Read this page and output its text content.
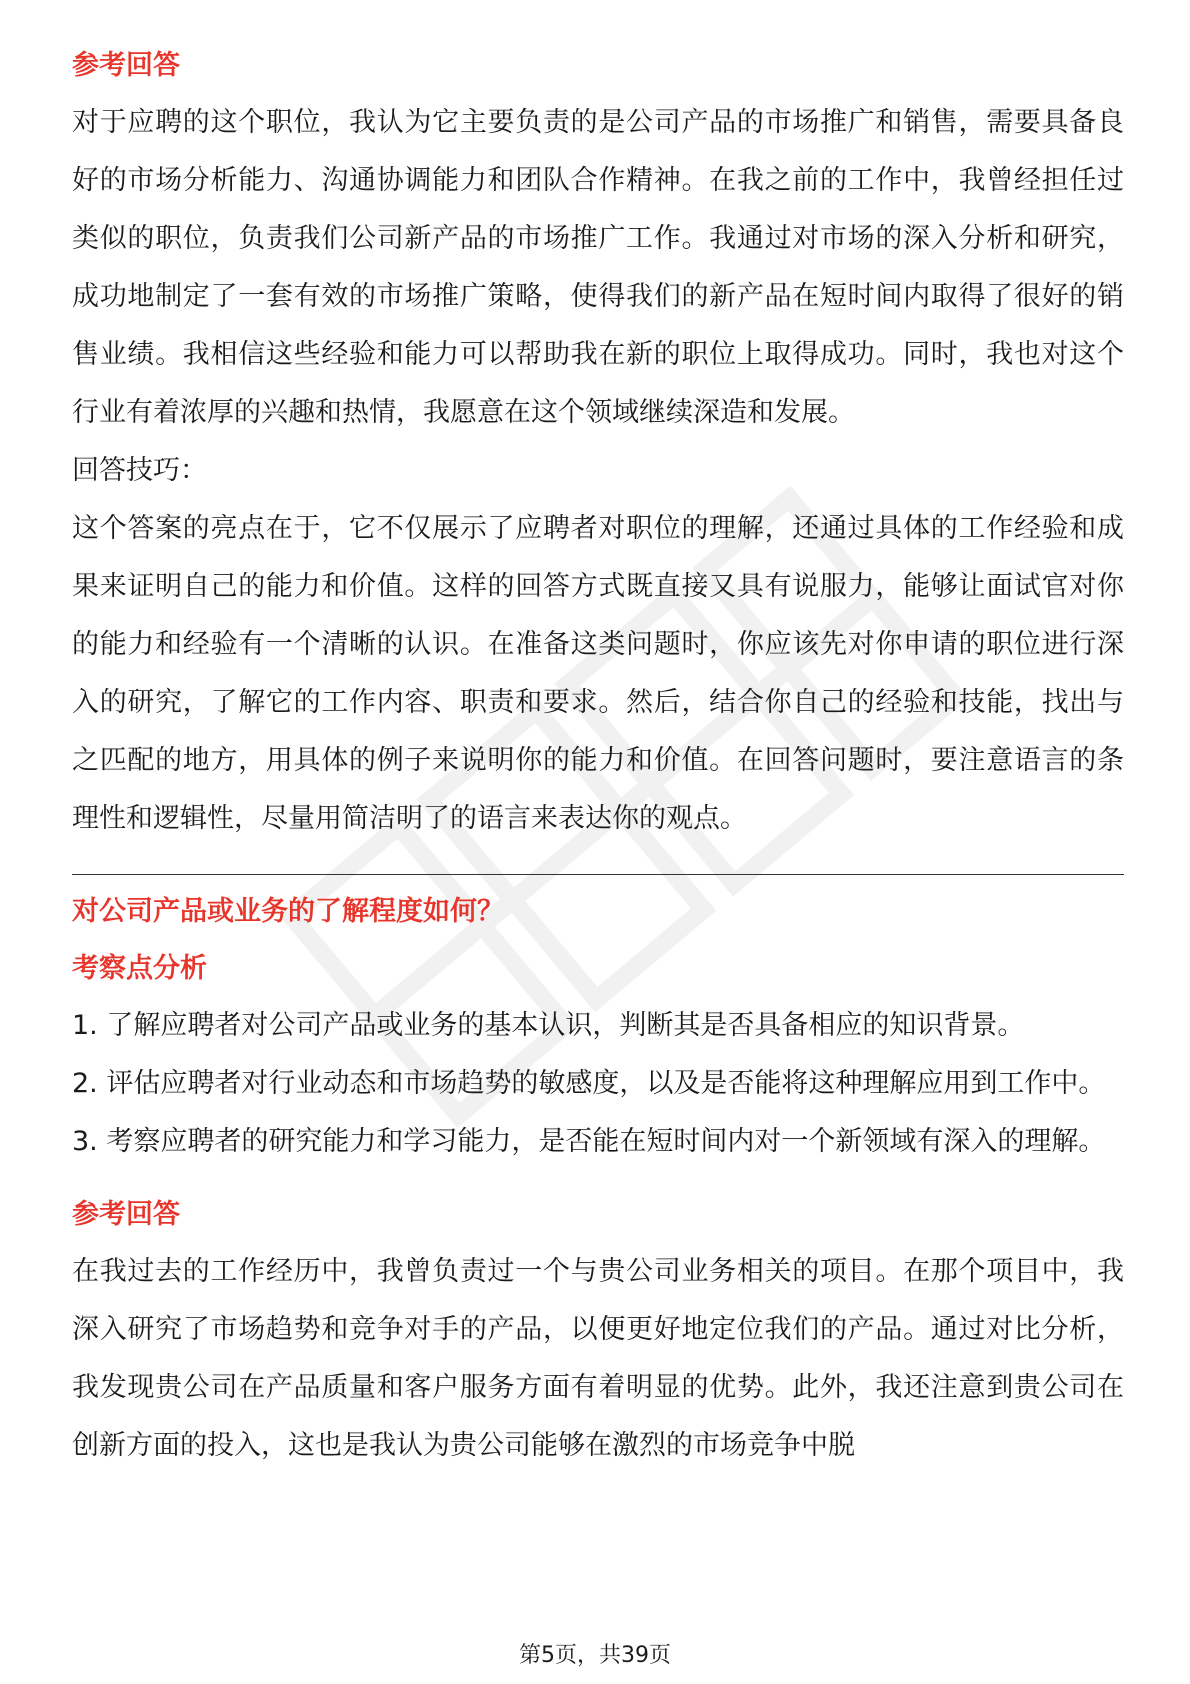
参考回答

对于应聘的这个职位，我认为它主要负责的是公司产品的市场推广和销售，需要具备良好的市场分析能力、沟通协调能力和团队合作精神。在我之前的工作中，我曾经担任过类似的职位，负责我们公司新产品的市场推广工作。我通过对市场的深入分析和研究，成功地制定了一套有效的市场推广策略，使得我们的新产品在短时间内取得了很好的销售业绩。我相信这些经验和能力可以帮助我在新的职位上取得成功。同时，我也对这个行业有着浓厚的兴趣和热情，我愿意在这个领域继续深造和发展。

回答技巧：

这个答案的亮点在于，它不仅展示了应聘者对职位的理解，还通过具体的工作经验和成果来证明自己的能力和价值。这样的回答方式既直接又具有说服力，能够让面试官对你的能力和经验有一个清晰的认识。在准备这类问题时，你应该先对你申请的职位进行深入的研究，了解它的工作内容、职责和要求。然后，结合你自己的经验和技能，找出与之匹配的地方，用具体的例子来说明你的能力和价值。在回答问题时，要注意语言的条理性和逻辑性，尽量用简洁明了的语言来表达你的观点。

对公司产品或业务的了解程度如何？

考察点分析

1. 了解应聘者对公司产品或业务的基本认识，判断其是否具备相应的知识背景。

2. 评估应聘者对行业动态和市场趋势的敏感度，以及是否能将这种理解应用到工作中。

3. 考察应聘者的研究能力和学习能力，是否能在短时间内对一个新领域有深入的理解。

参考回答

在我过去的工作经历中，我曾负责过一个与贵公司业务相关的项目。在那个项目中，我深入研究了市场趋势和竞争对手的产品，以便更好地定位我们的产品。通过对比分析，我发现贵公司在产品质量和客户服务方面有着明显的优势。此外，我还注意到贵公司在创新方面的投入，这也是我认为贵公司能够在激烈的市场竞争中脱

第5页，共39页
